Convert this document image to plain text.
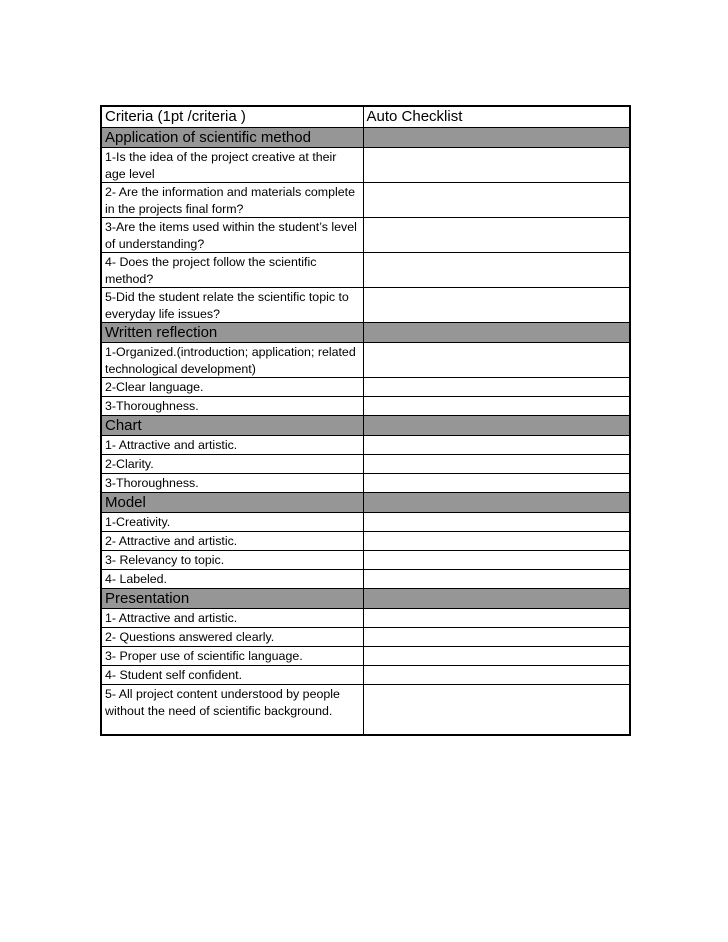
Criteria (1pt /criteria )	Auto Checklist
Application of scientific method	
1-Is the idea of the project creative at their age level	
2- Are the information and materials complete in the projects final form?	
3-Are the items used within the student’s level of understanding?	
4- Does the project follow the scientific method?	
5-Did the student relate the scientific topic to everyday life issues?	
Written reflection	
1-Organized.(introduction; application; related technological development)	
2-Clear language.	
3-Thoroughness.	
Chart	
1- Attractive and artistic.	
2-Clarity.	
3-Thoroughness.	
Model	
1-Creativity.	
2- Attractive and artistic.	
3- Relevancy to topic.	
4- Labeled.	
Presentation	
1- Attractive and artistic.	
2- Questions answered clearly.	
3- Proper use of scientific language.	
4- Student self confident.	
5- All project content understood by people without the need of scientific background.	
